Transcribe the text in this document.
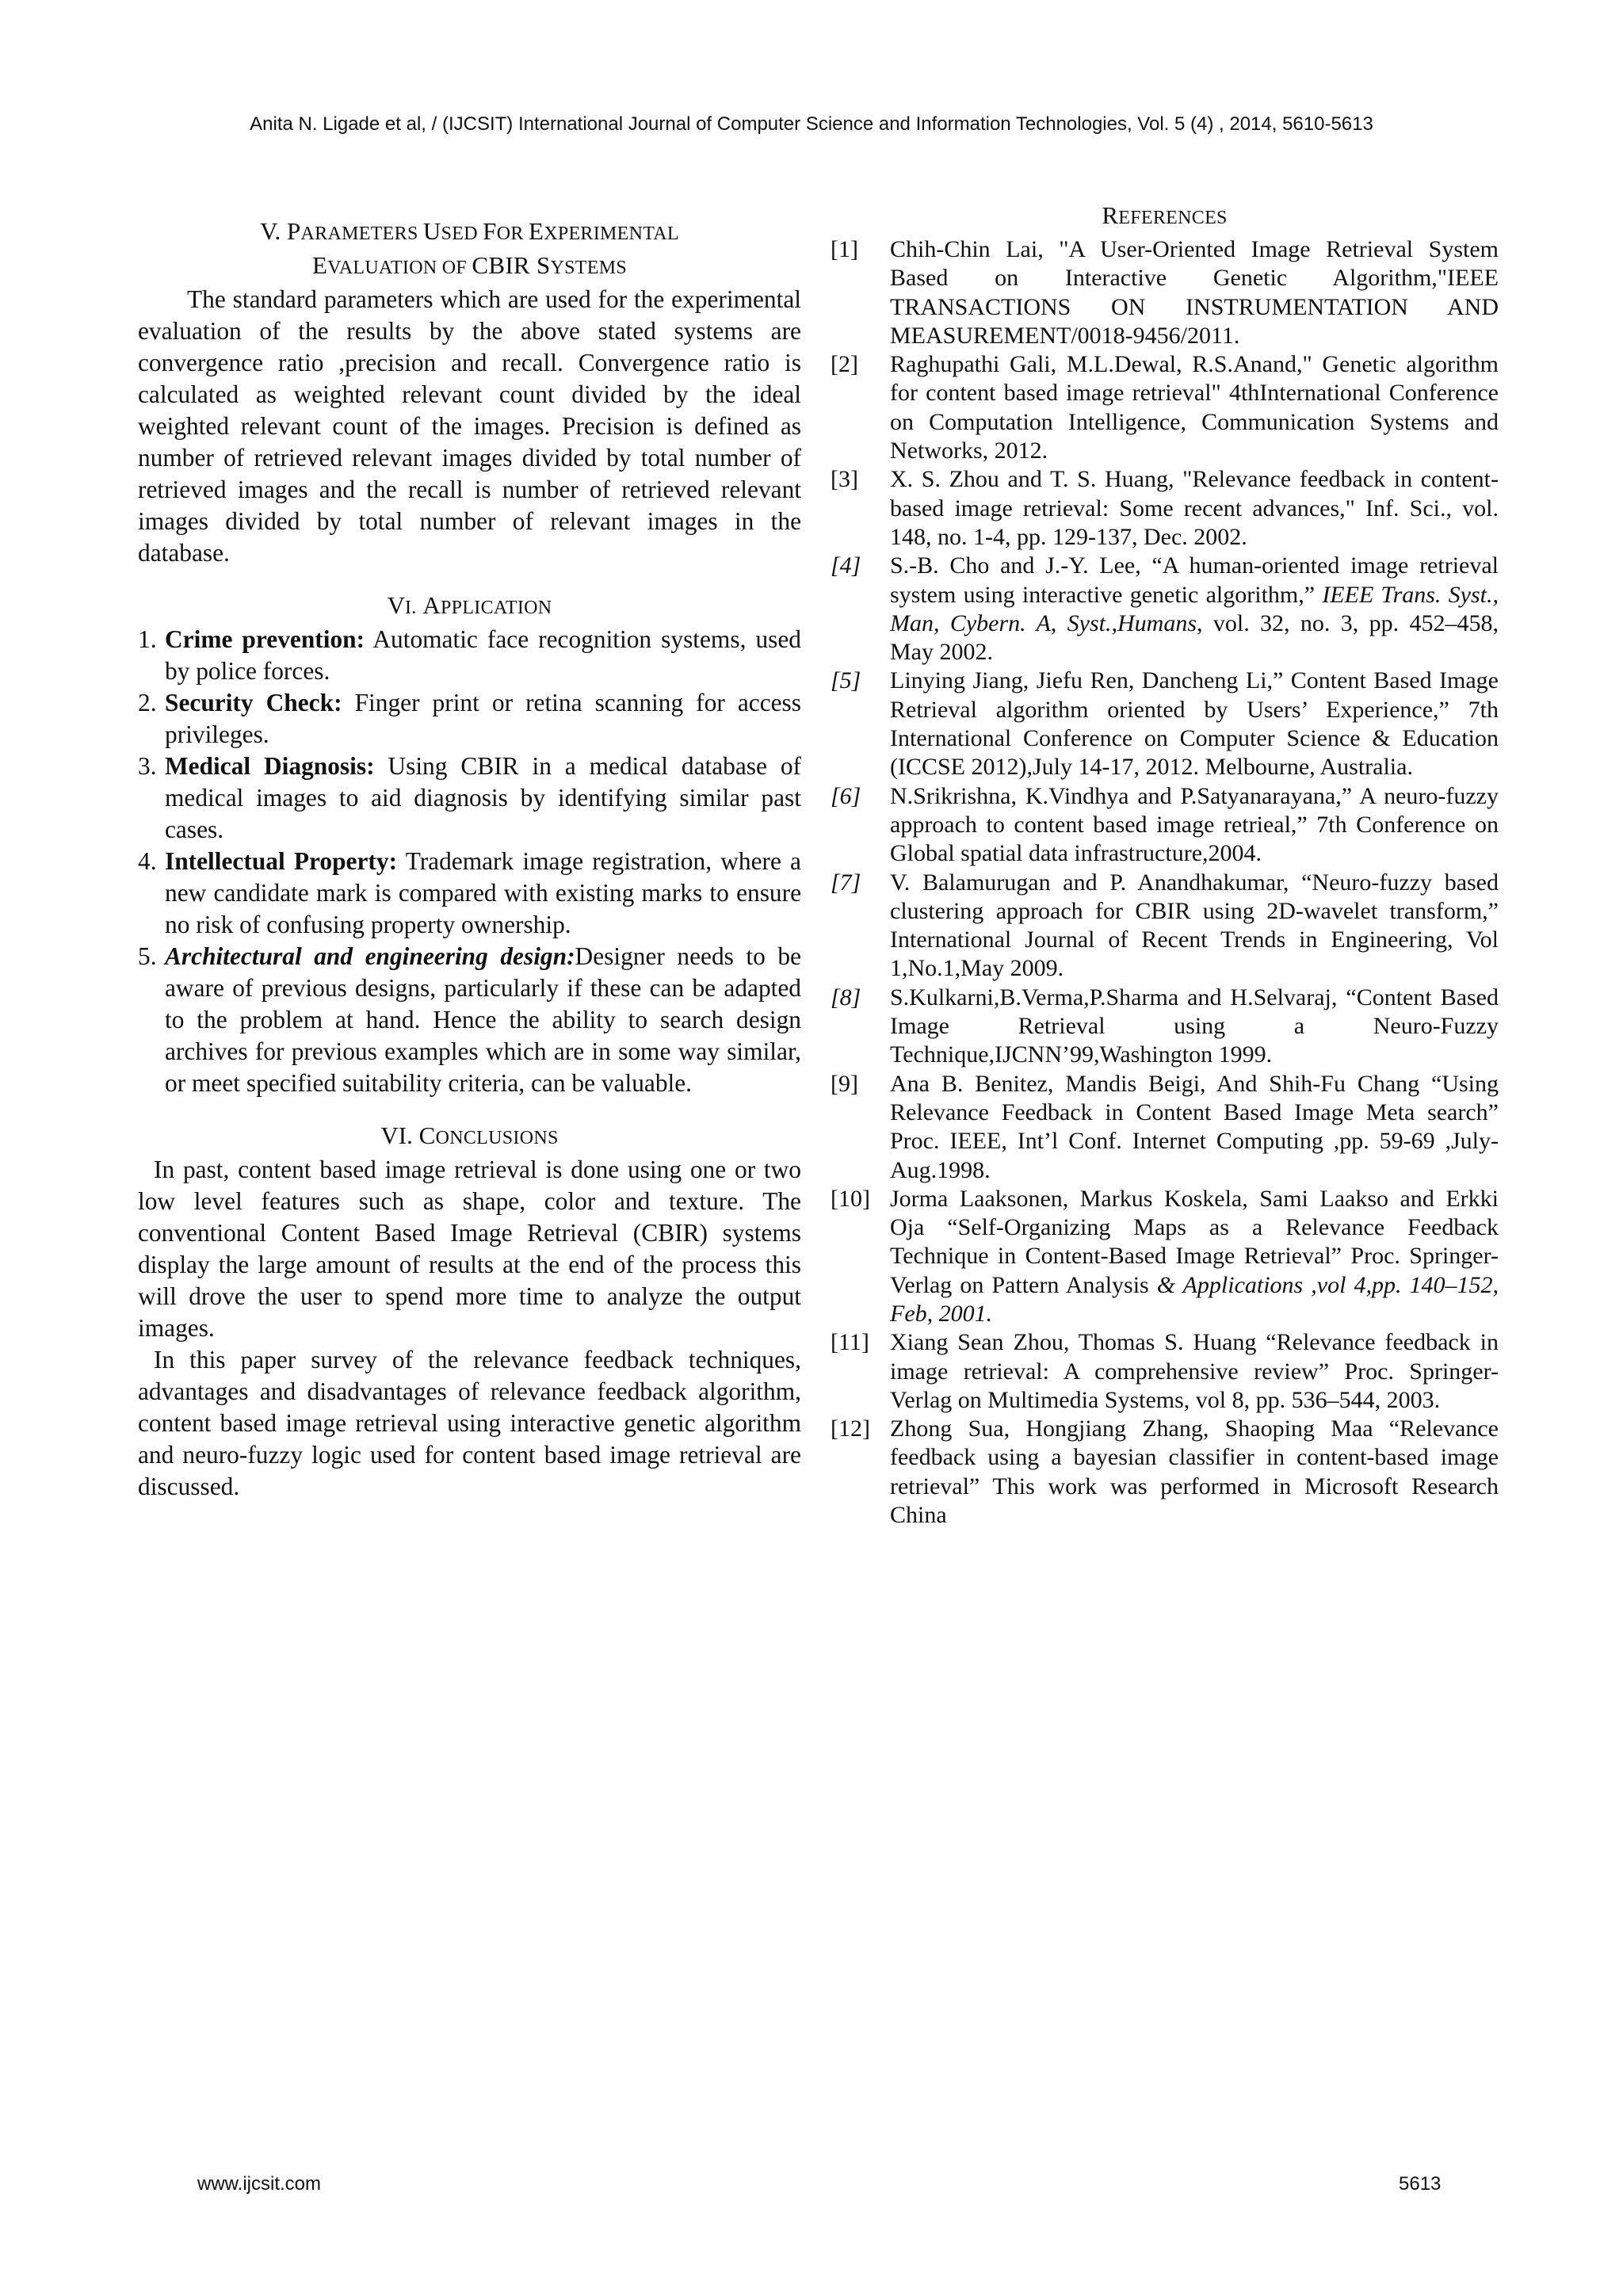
Anita N. Ligade et al, / (IJCSIT) International Journal of Computer Science and Information Technologies, Vol. 5 (4) , 2014, 5610-5613
V. PARAMETERS USED FOR EXPERIMENTAL
EVALUATION OF CBIR SYSTEMS

The standard parameters which are used for the experimental evaluation of the results by the above stated systems are convergence ratio ,precision and recall. Convergence ratio is calculated as weighted relevant count divided by the ideal weighted relevant count of the images. Precision is defined as number of retrieved relevant images divided by total number of retrieved images and the recall is number of retrieved relevant images divided by total number of relevant images in the database.

VI. APPLICATION
1. Crime prevention: Automatic face recognition systems, used by police forces.
2. Security Check: Finger print or retina scanning for access privileges.
3. Medical Diagnosis: Using CBIR in a medical database of medical images to aid diagnosis by identifying similar past cases.
4. Intellectual Property: Trademark image registration, where a new candidate mark is compared with existing marks to ensure no risk of confusing property ownership.
5. Architectural and engineering design:Designer needs to be aware of previous designs, particularly if these can be adapted to the problem at hand. Hence the ability to search design archives for previous examples which are in some way similar, or meet specified suitability criteria, can be valuable.
VI. CONCLUSIONS

In past, content based image retrieval is done using one or two low level features such as shape, color and texture. The conventional Content Based Image Retrieval (CBIR) systems display the large amount of results at the end of the process this will drove the user to spend more time to analyze the output images.

In this paper survey of the relevance feedback techniques, advantages and disadvantages of relevance feedback algorithm, content based image retrieval using interactive genetic algorithm and neuro-fuzzy logic used for content based image retrieval are discussed.

REFERENCES
[1]	Chih-Chin Lai, "A User-Oriented Image Retrieval System Based on Interactive Genetic Algorithm,"IEEE TRANSACTIONS ON INSTRUMENTATION AND MEASUREMENT/0018-9456/2011.
[2]	Raghupathi Gali, M.L.Dewal, R.S.Anand," Genetic algorithm for content based image retrieval" 4thInternational Conference on Computation Intelligence, Communication Systems and Networks, 2012.
[3]	X. S. Zhou and T. S. Huang, "Relevance feedback in content-based image retrieval: Some recent advances," Inf. Sci., vol. 148, no. 1-4, pp. 129-137, Dec. 2002.
[4]	S.-B. Cho and J.-Y. Lee, “A human-oriented image retrieval system using interactive genetic algorithm,” IEEE Trans. Syst., Man, Cybern. A, Syst.,Humans, vol. 32, no. 3, pp. 452–458, May 2002.
[5]	Linying Jiang, Jiefu Ren, Dancheng Li,” Content Based Image Retrieval algorithm oriented by Users’ Experience,” 7th International Conference on Computer Science & Education (ICCSE 2012),July 14-17, 2012. Melbourne, Australia.
[6]	N.Srikrishna, K.Vindhya and P.Satyanarayana,” A neuro-fuzzy approach to content based image retrieal,” 7th Conference on Global spatial data infrastructure,2004.
[7]	V. Balamurugan and P. Anandhakumar, “Neuro-fuzzy based clustering approach for CBIR using 2D-wavelet transform,” International Journal of Recent Trends in Engineering, Vol 1,No.1,May 2009.
[8]	S.Kulkarni,B.Verma,P.Sharma and H.Selvaraj, “Content Based Image Retrieval using a Neuro-Fuzzy Technique,IJCNN’99,Washington 1999.
[9]	Ana B. Benitez, Mandis Beigi, And Shih-Fu Chang “Using Relevance Feedback in Content Based Image Meta search” Proc. IEEE, Int’l Conf. Internet Computing ,pp. 59-69 ,July-Aug.1998.
[10] Jorma Laaksonen, Markus Koskela, Sami Laakso and Erkki Oja “Self-Organizing Maps as a Relevance Feedback Technique in Content-Based Image Retrieval” Proc. Springer-Verlag on Pattern Analysis & Applications ,vol 4,pp. 140–152, Feb, 2001.
[11] Xiang Sean Zhou, Thomas S. Huang “Relevance feedback in image retrieval: A comprehensive review” Proc. Springer-Verlag on Multimedia Systems, vol 8, pp. 536–544, 2003.
[12] Zhong Sua, Hongjiang Zhang, Shaoping Maa “Relevance feedback using a bayesian classifier in content-based image retrieval” This work was performed in Microsoft Research China
www.ijcsit.com	5613
